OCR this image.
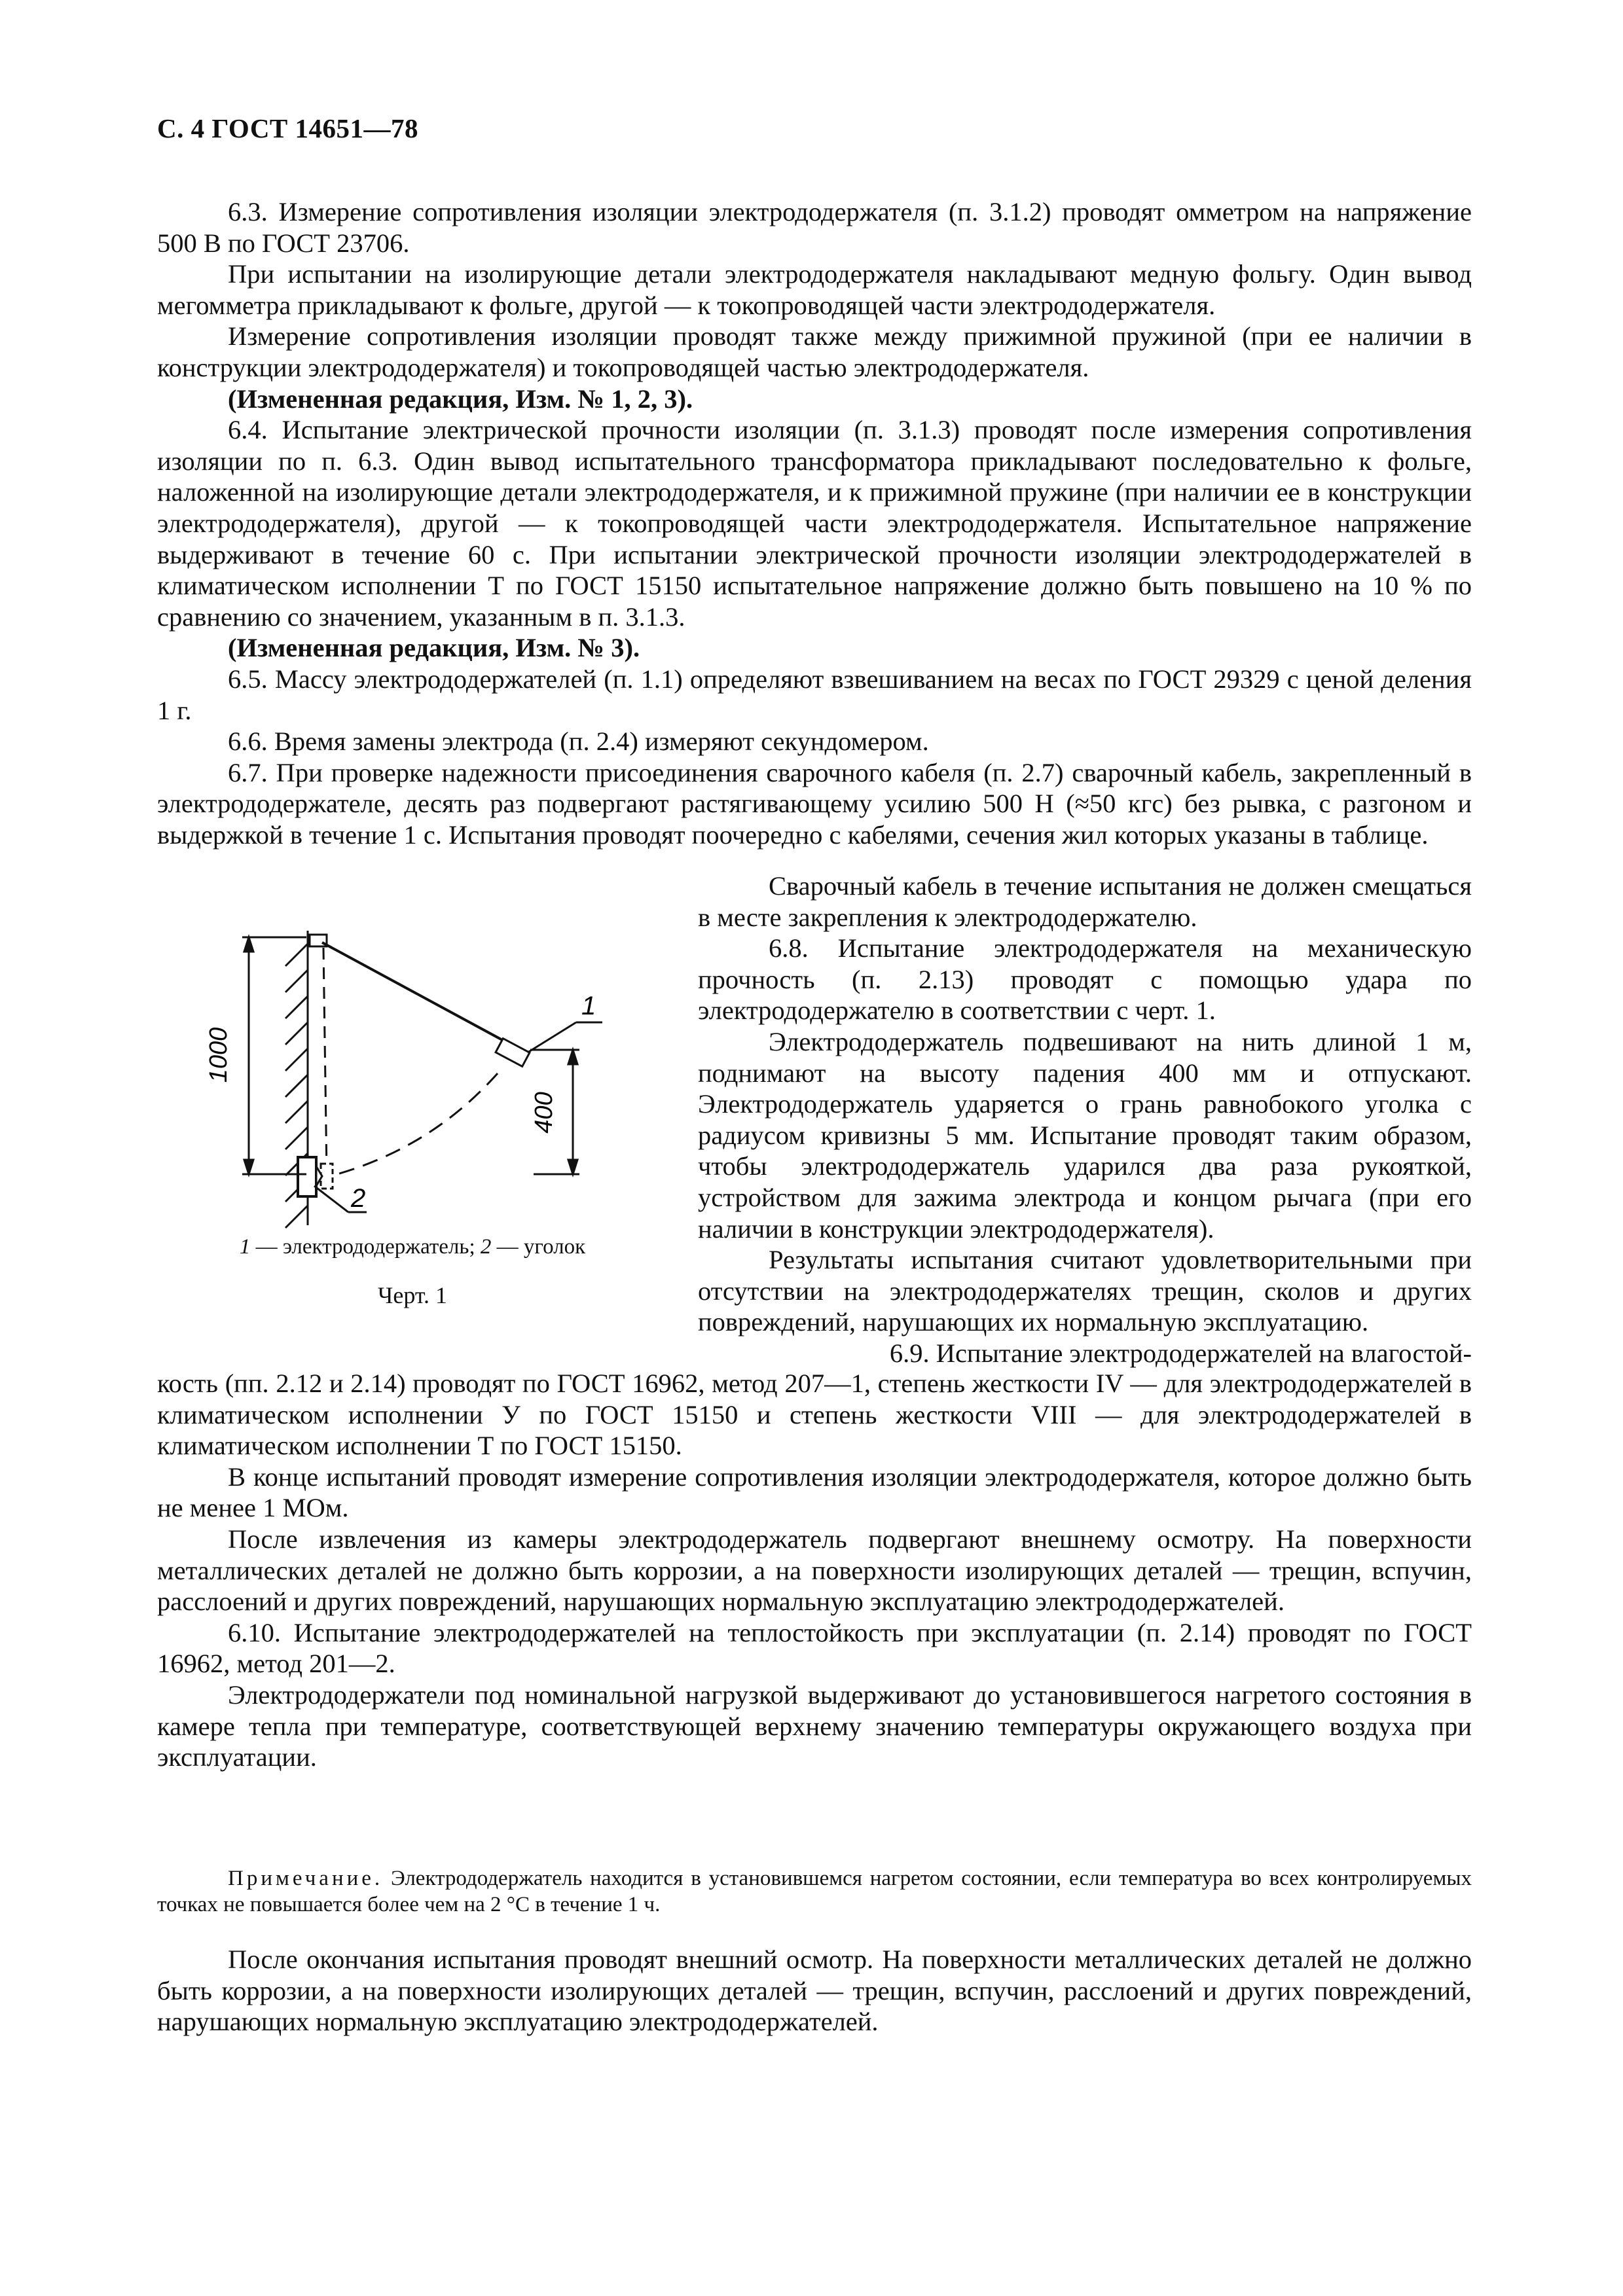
С. 4 ГОСТ 14651—78

6.3. Измерение сопротивления изоляции электрододержателя (п. 3.1.2) проводят омметром на напряжение 500 В по ГОСТ 23706.

При испытании на изолирующие детали электрододержателя накладывают медную фольгу. Один вывод мегомметра прикладывают к фольге, другой — к токопроводящей части электрододержателя.

Измерение сопротивления изоляции проводят также между прижимной пружиной (при ее наличии в конструкции электрододержателя) и токопроводящей частью электрододержателя.

(Измененная редакция, Изм. № 1, 2, 3).

6.4. Испытание электрической прочности изоляции (п. 3.1.3) проводят после измерения сопротивления изоляции по п. 6.3. Один вывод испытательного трансформатора прикладывают последовательно к фольге, наложенной на изолирующие детали электрододержателя, и к прижимной пружине (при наличии ее в конструкции электрододержателя), другой — к токопроводящей части электрододержателя. Испытательное напряжение выдерживают в течение 60 с. При испытании электрической прочности изоляции электрододержателей в климатическом исполнении Т по ГОСТ 15150 испытательное напряжение должно быть повышено на 10 % по сравнению со значением, указанным в п. 3.1.3.

(Измененная редакция, Изм. № 3).

6.5. Массу электрододержателей (п. 1.1) определяют взвешиванием на весах по ГОСТ 29329 с ценой деления 1 г.

6.6. Время замены электрода (п. 2.4) измеряют секундомером.

6.7. При проверке надежности присоединения сварочного кабеля (п. 2.7) сварочный кабель, закрепленный в электрододержателе, десять раз подвергают растягивающему усилию 500 Н (≈50 кгс) без рывка, с разгоном и выдержкой в течение 1 с. Испытания проводят поочередно с кабелями, сечения жил которых указаны в таблице.

1000
400
1
2
1 — электрододержатель; 2 — уголок
Черт. 1

Сварочный кабель в течение испытания не должен смещаться в месте закрепления к электрододержателю.

6.8. Испытание электрододержателя на механическую прочность (п. 2.13) проводят с помощью удара по электрододержателю в соответствии с черт. 1.

Электрододержатель подвешивают на нить длиной 1 м, поднимают на высоту падения 400 мм и отпускают. Электрододержатель ударяется о грань равнобокого уголка с радиусом кривизны 5 мм. Испытание проводят таким образом, чтобы электрододержатель ударился два раза рукояткой, устройством для зажима электрода и концом рычага (при его наличии в конструкции электрододержателя).

Результаты испытания считают удовлетворительными при отсутствии на электрододержателях трещин, сколов и других повреждений, нарушающих их нормальную эксплуатацию.

6.9. Испытание электрододержателей на влагостой-

кость (пп. 2.12 и 2.14) проводят по ГОСТ 16962, метод 207—1, степень жесткости IV — для электрододержателей в климатическом исполнении У по ГОСТ 15150 и степень жесткости VIII — для электрододержателей в климатическом исполнении Т по ГОСТ 15150.

В конце испытаний проводят измерение сопротивления изоляции электрододержателя, которое должно быть не менее 1 МОм.

После извлечения из камеры электрододержатель подвергают внешнему осмотру. На поверхности металлических деталей не должно быть коррозии, а на поверхности изолирующих деталей — трещин, вспучин, расслоений и других повреждений, нарушающих нормальную эксплуатацию электрододержателей.

6.10. Испытание электрододержателей на теплостойкость при эксплуатации (п. 2.14) проводят по ГОСТ 16962, метод 201—2.

Электрододержатели под номинальной нагрузкой выдерживают до установившегося нагретого состояния в камере тепла при температуре, соответствующей верхнему значению температуры окружающего воздуха при эксплуатации.

Примечание. Электрододержатель находится в установившемся нагретом состоянии, если температура во всех контролируемых точках не повышается более чем на 2 °С в течение 1 ч.

После окончания испытания проводят внешний осмотр. На поверхности металлических деталей не должно быть коррозии, а на поверхности изолирующих деталей — трещин, вспучин, расслоений и других повреждений, нарушающих нормальную эксплуатацию электрододержателей.
